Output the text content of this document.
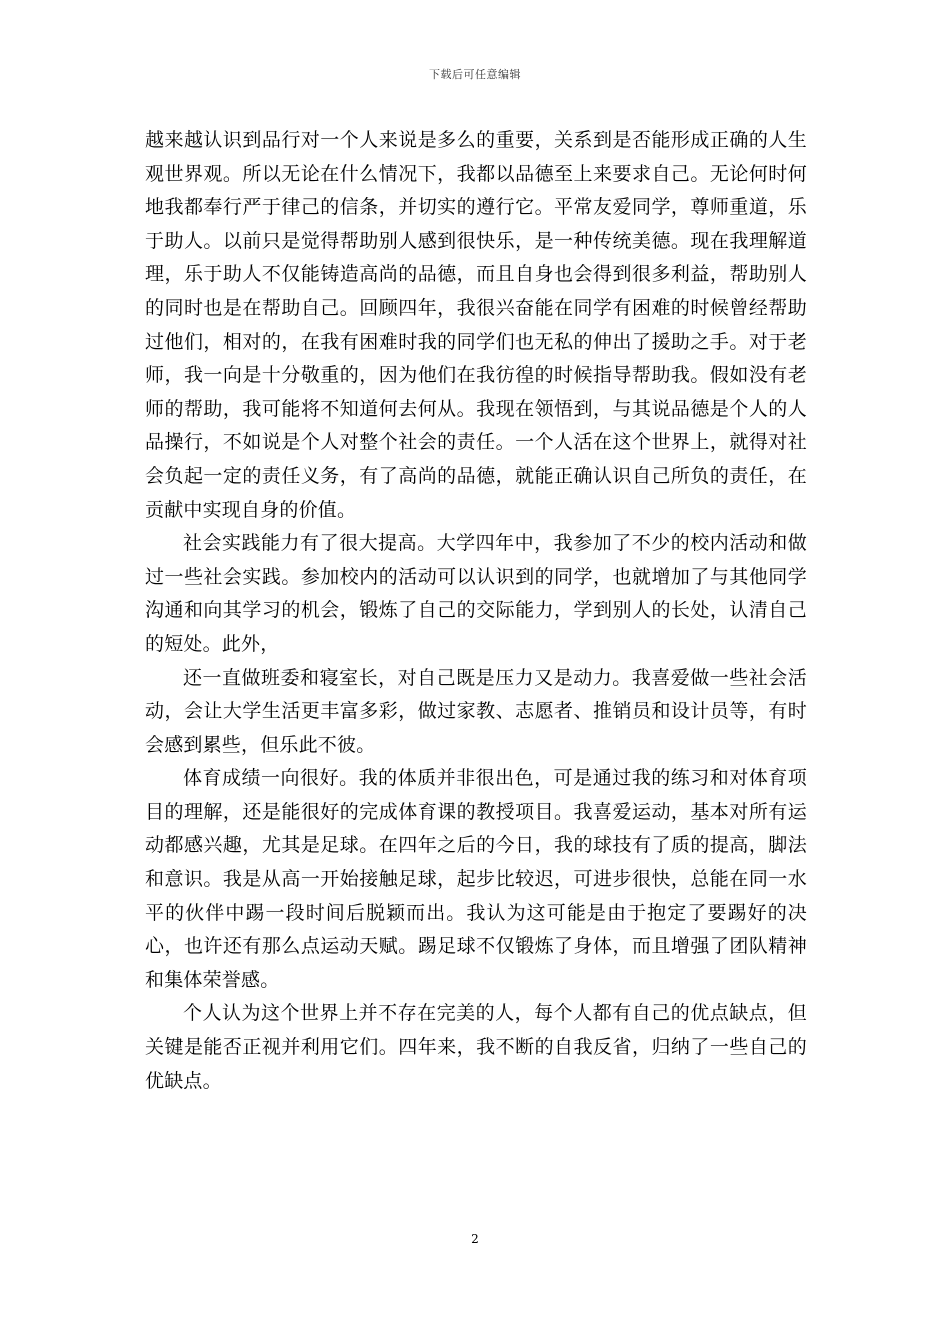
下载后可任意编辑

越来越认识到品行对一个人来说是多么的重要，关系到是否能形成正确的人生观世界观。所以无论在什么情况下，我都以品德至上来要求自己。无论何时何地我都奉行严于律己的信条，并切实的遵行它。平常友爱同学，尊师重道，乐于助人。以前只是觉得帮助别人感到很快乐，是一种传统美德。现在我理解道理，乐于助人不仅能铸造高尚的品德，而且自身也会得到很多利益，帮助别人的同时也是在帮助自己。回顾四年，我很兴奋能在同学有困难的时候曾经帮助过他们，相对的，在我有困难时我的同学们也无私的伸出了援助之手。对于老师，我一向是十分敬重的，因为他们在我彷徨的时候指导帮助我。假如没有老师的帮助，我可能将不知道何去何从。我现在领悟到，与其说品德是个人的人品操行，不如说是个人对整个社会的责任。一个人活在这个世界上，就得对社会负起一定的责任义务，有了高尚的品德，就能正确认识自己所负的责任，在贡献中实现自身的价值。

社会实践能力有了很大提高。大学四年中，我参加了不少的校内活动和做过一些社会实践。参加校内的活动可以认识到的同学，也就增加了与其他同学沟通和向其学习的机会，锻炼了自己的交际能力，学到别人的长处，认清自己的短处。此外，

还一直做班委和寝室长，对自己既是压力又是动力。我喜爱做一些社会活动，会让大学生活更丰富多彩，做过家教、志愿者、推销员和设计员等，有时会感到累些，但乐此不彼。

体育成绩一向很好。我的体质并非很出色，可是通过我的练习和对体育项目的理解，还是能很好的完成体育课的教授项目。我喜爱运动，基本对所有运动都感兴趣，尤其是足球。在四年之后的今日，我的球技有了质的提高，脚法和意识。我是从高一开始接触足球，起步比较迟，可进步很快，总能在同一水平的伙伴中踢一段时间后脱颖而出。我认为这可能是由于抱定了要踢好的决心，也许还有那么点运动天赋。踢足球不仅锻炼了身体，而且增强了团队精神和集体荣誉感。

个人认为这个世界上并不存在完美的人，每个人都有自己的优点缺点，但关键是能否正视并利用它们。四年来，我不断的自我反省，归纳了一些自己的优缺点。

2
